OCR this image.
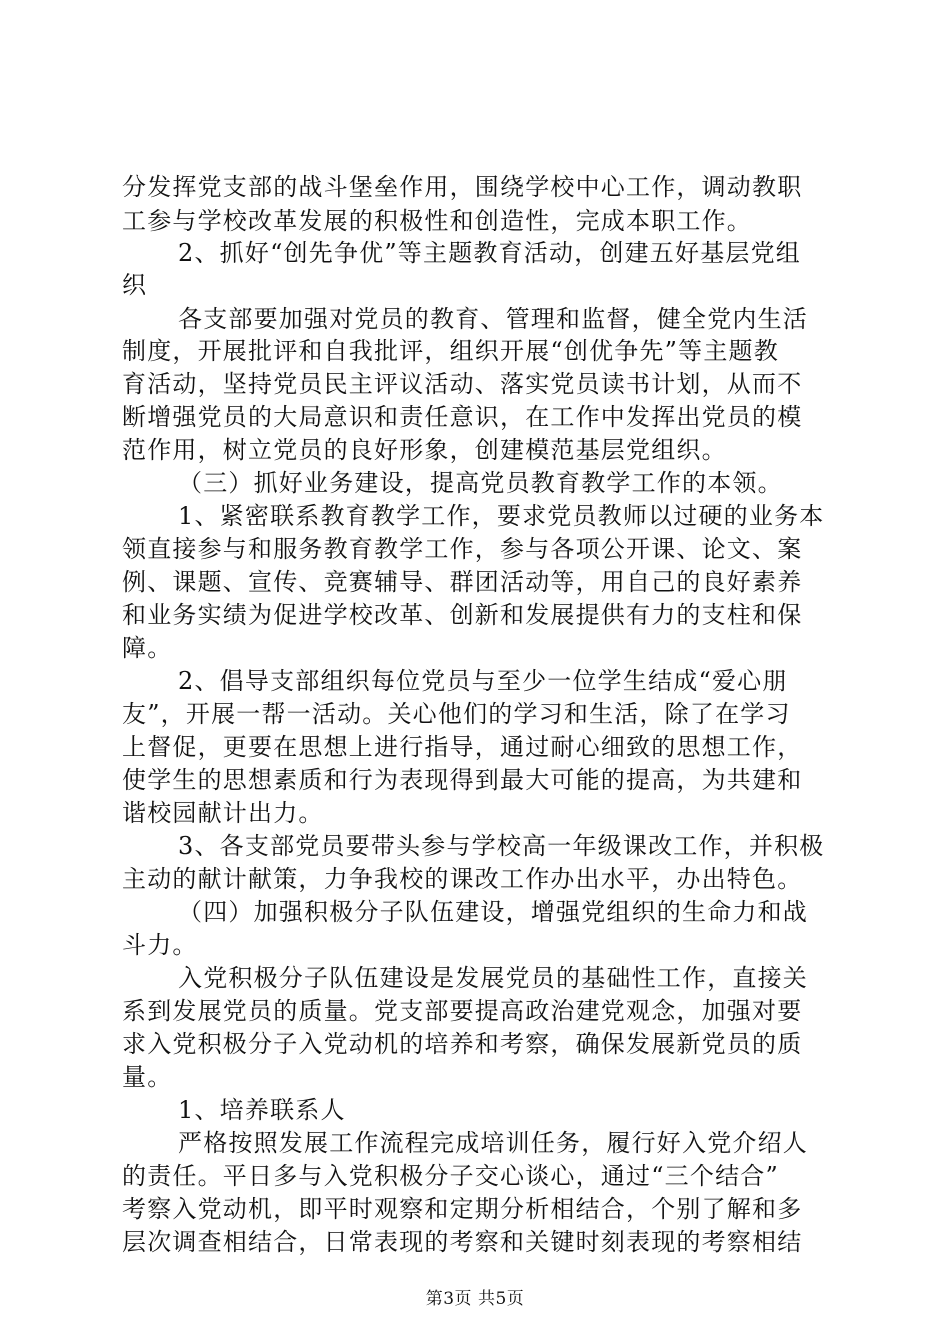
分发挥党支部的战斗堡垒作用，围绕学校中心工作，调动教职
工参与学校改革发展的积极性和创造性，完成本职工作。
2、抓好“创先争优”等主题教育活动，创建五好基层党组
织
各支部要加强对党员的教育、管理和监督，健全党内生活
制度，开展批评和自我批评，组织开展“创优争先”等主题教
育活动，坚持党员民主评议活动、落实党员读书计划，从而不
断增强党员的大局意识和责任意识，在工作中发挥出党员的模
范作用，树立党员的良好形象，创建模范基层党组织。
（三）抓好业务建设，提高党员教育教学工作的本领。
1、紧密联系教育教学工作，要求党员教师以过硬的业务本
领直接参与和服务教育教学工作，参与各项公开课、论文、案
例、课题、宣传、竞赛辅导、群团活动等，用自己的良好素养
和业务实绩为促进学校改革、创新和发展提供有力的支柱和保
障。
2、倡导支部组织每位党员与至少一位学生结成“爱心朋
友”，开展一帮一活动。关心他们的学习和生活，除了在学习
上督促，更要在思想上进行指导，通过耐心细致的思想工作，
使学生的思想素质和行为表现得到最大可能的提高，为共建和
谐校园献计出力。
3、各支部党员要带头参与学校高一年级课改工作，并积极
主动的献计献策，力争我校的课改工作办出水平，办出特色。
（四）加强积极分子队伍建设，增强党组织的生命力和战
斗力。
入党积极分子队伍建设是发展党员的基础性工作，直接关
系到发展党员的质量。党支部要提高政治建党观念，加强对要
求入党积极分子入党动机的培养和考察，确保发展新党员的质
量。
1、培养联系人
严格按照发展工作流程完成培训任务，履行好入党介绍人
的责任。平日多与入党积极分子交心谈心，通过“三个结合”
考察入党动机，即平时观察和定期分析相结合，个别了解和多
层次调查相结合，日常表现的考察和关键时刻表现的考察相结
第3页 共5页
